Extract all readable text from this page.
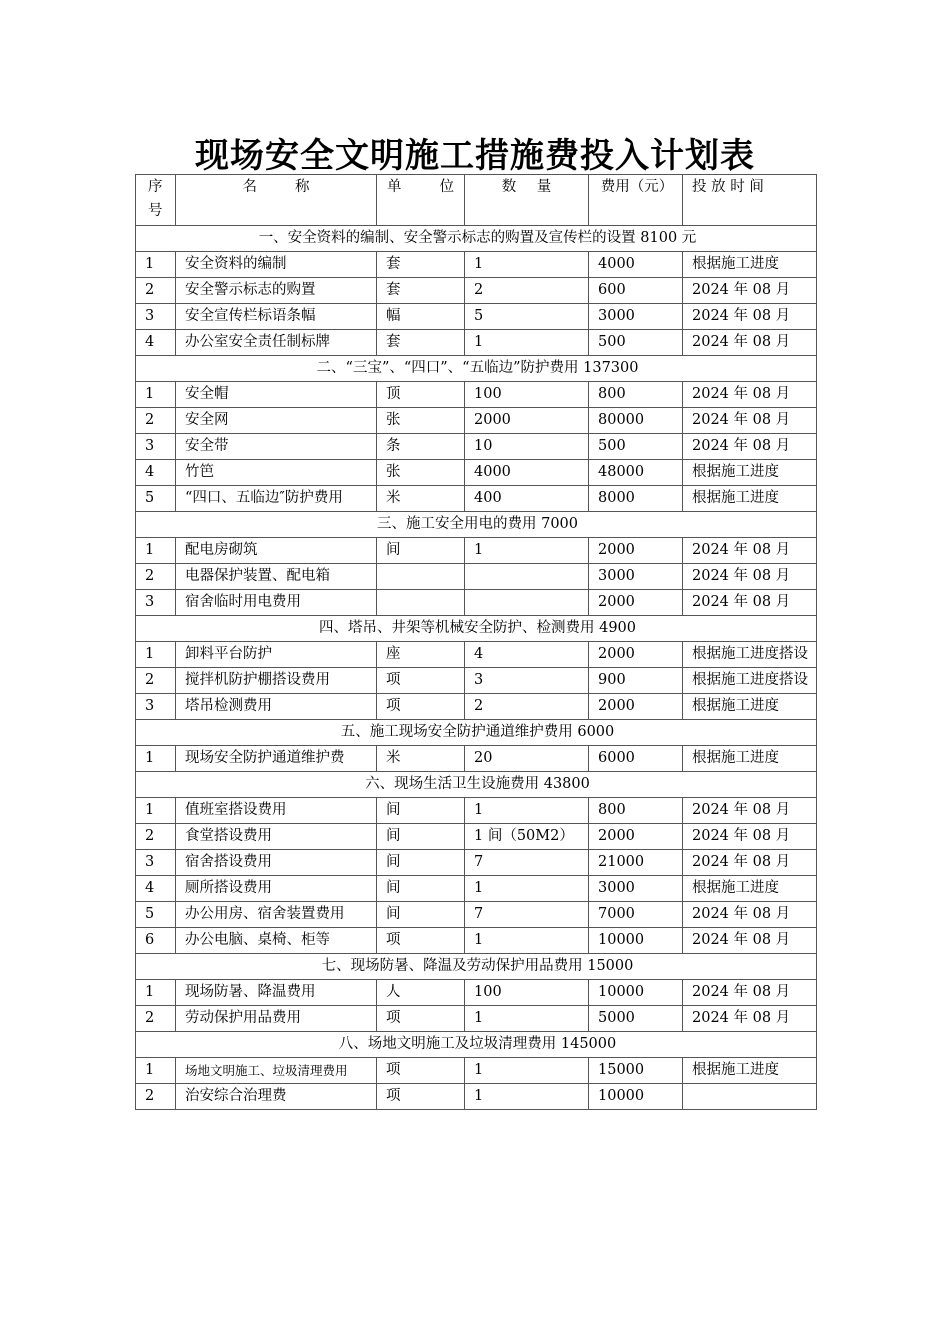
现场安全文明施工措施费投入计划表
序号	名　　称	单　　位	数　量	费用（元）	投 放 时 间
一、安全资料的编制、安全警示标志的购置及宣传栏的设置 8100 元					
1	安全资料的编制	套	1	4000	根据施工进度
2	安全警示标志的购置	套	2	600	2024 年 08 月
3	安全宣传栏标语条幅	幅	5	3000	2024 年 08 月
4	办公室安全责任制标牌	套	1	500	2024 年 08 月
二、“三宝”、“四口”、“五临边”防护费用 137300					
1	安全帽	顶	100	800	2024 年 08 月
2	安全网	张	2000	80000	2024 年 08 月
3	安全带	条	10	500	2024 年 08 月
4	竹笆	张	4000	48000	根据施工进度
5	“四口、五临边″防护费用	米	400	8000	根据施工进度
三、施工安全用电的费用 7000					
1	配电房砌筑	间	1	2000	2024 年 08 月
2	电器保护装置、配电箱			3000	2024 年 08 月
3	宿舍临时用电费用			2000	2024 年 08 月
四、塔吊、井架等机械安全防护、检测费用 4900					
1	卸料平台防护	座	4	2000	根据施工进度搭设
2	搅拌机防护棚搭设费用	项	3	900	根据施工进度搭设
3	塔吊检测费用	项	2	2000	根据施工进度
五、施工现场安全防护通道维护费用 6000					
1	现场安全防护通道维护费	米	20	6000	根据施工进度
六、现场生活卫生设施费用 43800					
1	值班室搭设费用	间	1	800	2024 年 08 月
2	食堂搭设费用	间	1 间（50M2）	2000	2024 年 08 月
3	宿舍搭设费用	间	7	21000	2024 年 08 月
4	厕所搭设费用	间	1	3000	根据施工进度
5	办公用房、宿舍装置费用	间	7	7000	2024 年 08 月
6	办公电脑、桌椅、柜等	项	1	10000	2024 年 08 月
七、现场防暑、降温及劳动保护用品费用 15000					
1	现场防暑、降温费用	人	100	10000	2024 年 08 月
2	劳动保护用品费用	项	1	5000	2024 年 08 月
八、场地文明施工及垃圾清理费用 145000					
1	场地文明施工、垃圾清理费用	项	1	15000	根据施工进度
2	治安综合治理费	项	1	10000	
